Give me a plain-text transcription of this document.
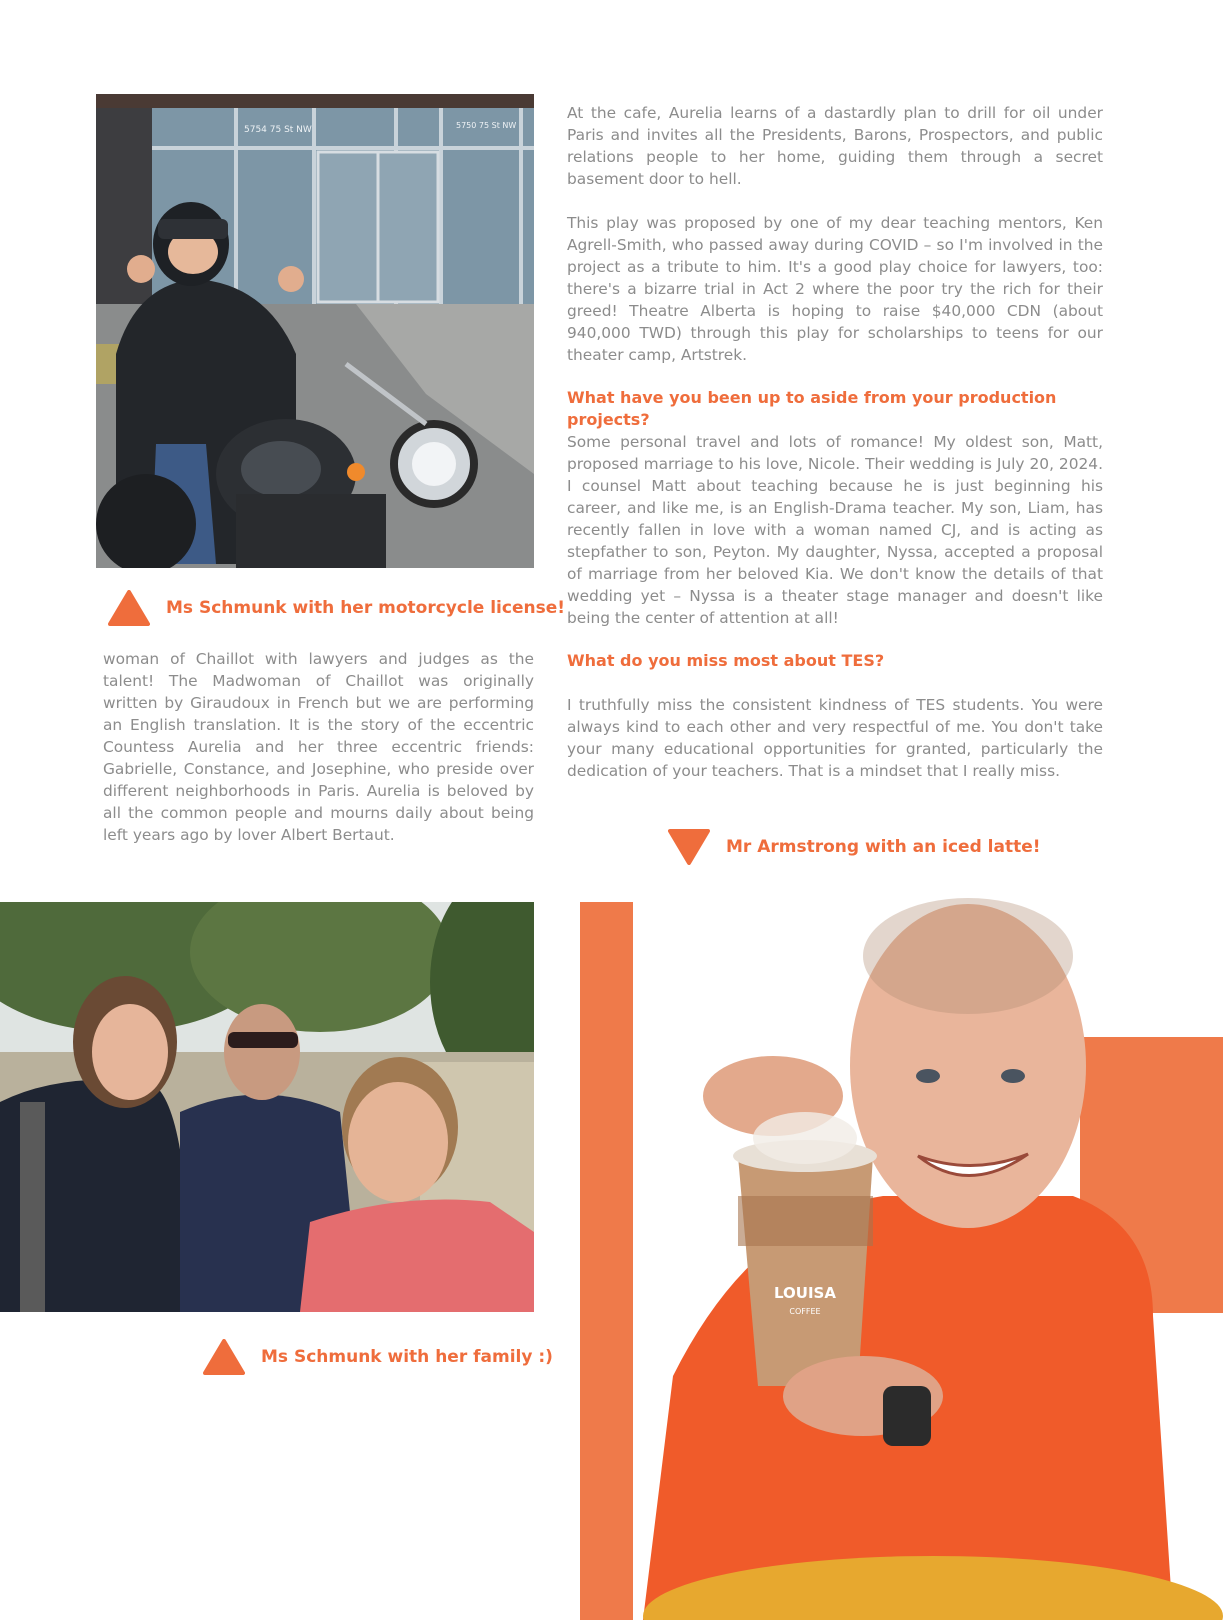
5754 75 St NW	5750 75 St NW
Ms Schmunk with her motorcycle license!

woman of Chaillot with lawyers and judges as the talent! The Madwoman of Chaillot was originally written by Giraudoux in French but we are performing an English translation. It is the story of the eccentric Countess Aurelia and her three eccentric friends: Gabrielle, Constance, and Josephine, who preside over different neighborhoods in Paris. Aurelia is beloved by all the common people and mourns daily about being left years ago by lover Albert Bertaut.

At the cafe, Aurelia learns of a dastardly plan to drill for oil under Paris and invites all the Presidents, Barons, Prospectors, and public relations people to her home, guiding them through a secret basement door to hell.

This play was proposed by one of my dear teaching mentors, Ken Agrell-Smith, who passed away during COVID – so I'm involved in the project as a tribute to him. It's a good play choice for lawyers, too: there's a bizarre trial in Act 2 where the poor try the rich for their greed! Theatre Alberta is hoping to raise $40,000 CDN (about 940,000 TWD) through this play for scholarships to teens for our theater camp, Artstrek.

What have you been up to aside from your production projects?

Some personal travel and lots of romance! My oldest son, Matt, proposed marriage to his love, Nicole. Their wedding is July 20, 2024. I counsel Matt about teaching because he is just beginning his career, and like me, is an English-Drama teacher. My son, Liam, has recently fallen in love with a woman named CJ, and is acting as stepfather to son, Peyton. My daughter, Nyssa, accepted a proposal of marriage from her beloved Kia. We don't know the details of that wedding yet – Nyssa is a theater stage manager and doesn't like being the center of attention at all!

What do you miss most about TES?

I truthfully miss the consistent kindness of TES students. You were always kind to each other and very respectful of me. You don't take your many educational opportunities for granted, particularly the dedication of your teachers. That is a mindset that I really miss.

Mr Armstrong with an iced latte!
Ms Schmunk with her family :)
LOUISA
COFFEE
